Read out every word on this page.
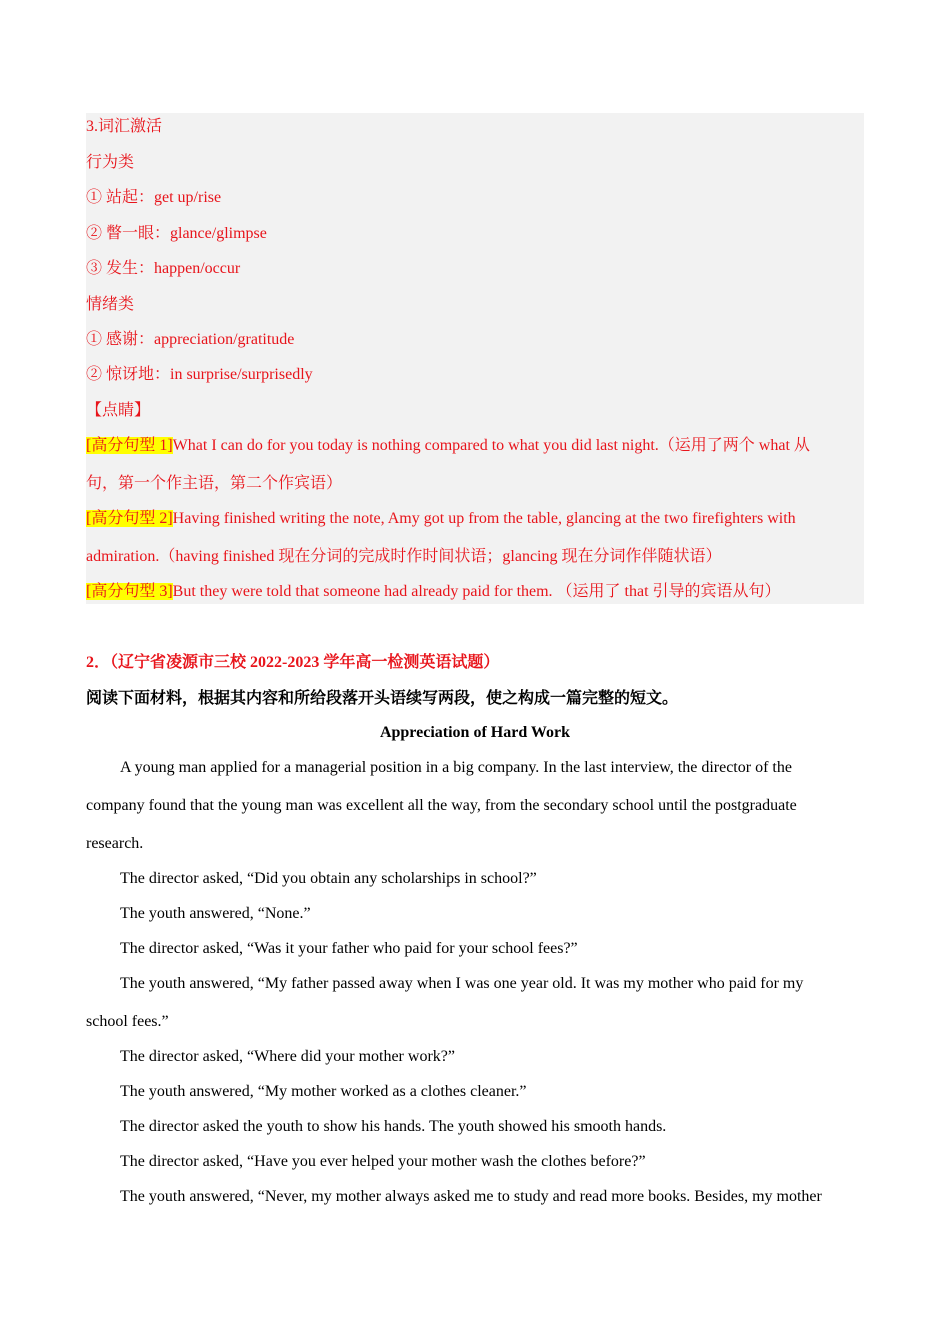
3.词汇激活
行为类
① 站起：get up/rise
② 瞥一眼：glance/glimpse
③ 发生：happen/occur
情绪类
① 感谢：appreciation/gratitude
② 惊讶地：in surprise/surprisedly
【点睛】
[高分句型 1]What I can do for you today is nothing compared to what you did last night.（运用了两个 what 从
句，第一个作主语，第二个作宾语）
[高分句型 2]Having finished writing the note, Amy got up from the table, glancing at the two firefighters with
admiration.（having finished 现在分词的完成时作时间状语；glancing 现在分词作伴随状语）
[高分句型 3]But they were told that someone had already paid for them. （运用了 that 引导的宾语从句）
2．（辽宁省凌源市三校 2022-2023 学年高一检测英语试题）
阅读下面材料，根据其内容和所给段落开头语续写两段，使之构成一篇完整的短文。
Appreciation of Hard Work
A young man applied for a managerial position in a big company. In the last interview, the director of the
company found that the young man was excellent all the way, from the secondary school until the postgraduate
research.
The director asked, “Did you obtain any scholarships in school?”
The youth answered, “None.”
The director asked, “Was it your father who paid for your school fees?”
The youth answered, “My father passed away when I was one year old. It was my mother who paid for my
school fees.”
The director asked, “Where did your mother work?”
The youth answered, “My mother worked as a clothes cleaner.”
The director asked the youth to show his hands. The youth showed his smooth hands.
The director asked, “Have you ever helped your mother wash the clothes before?”
The youth answered, “Never, my mother always asked me to study and read more books. Besides, my mother
